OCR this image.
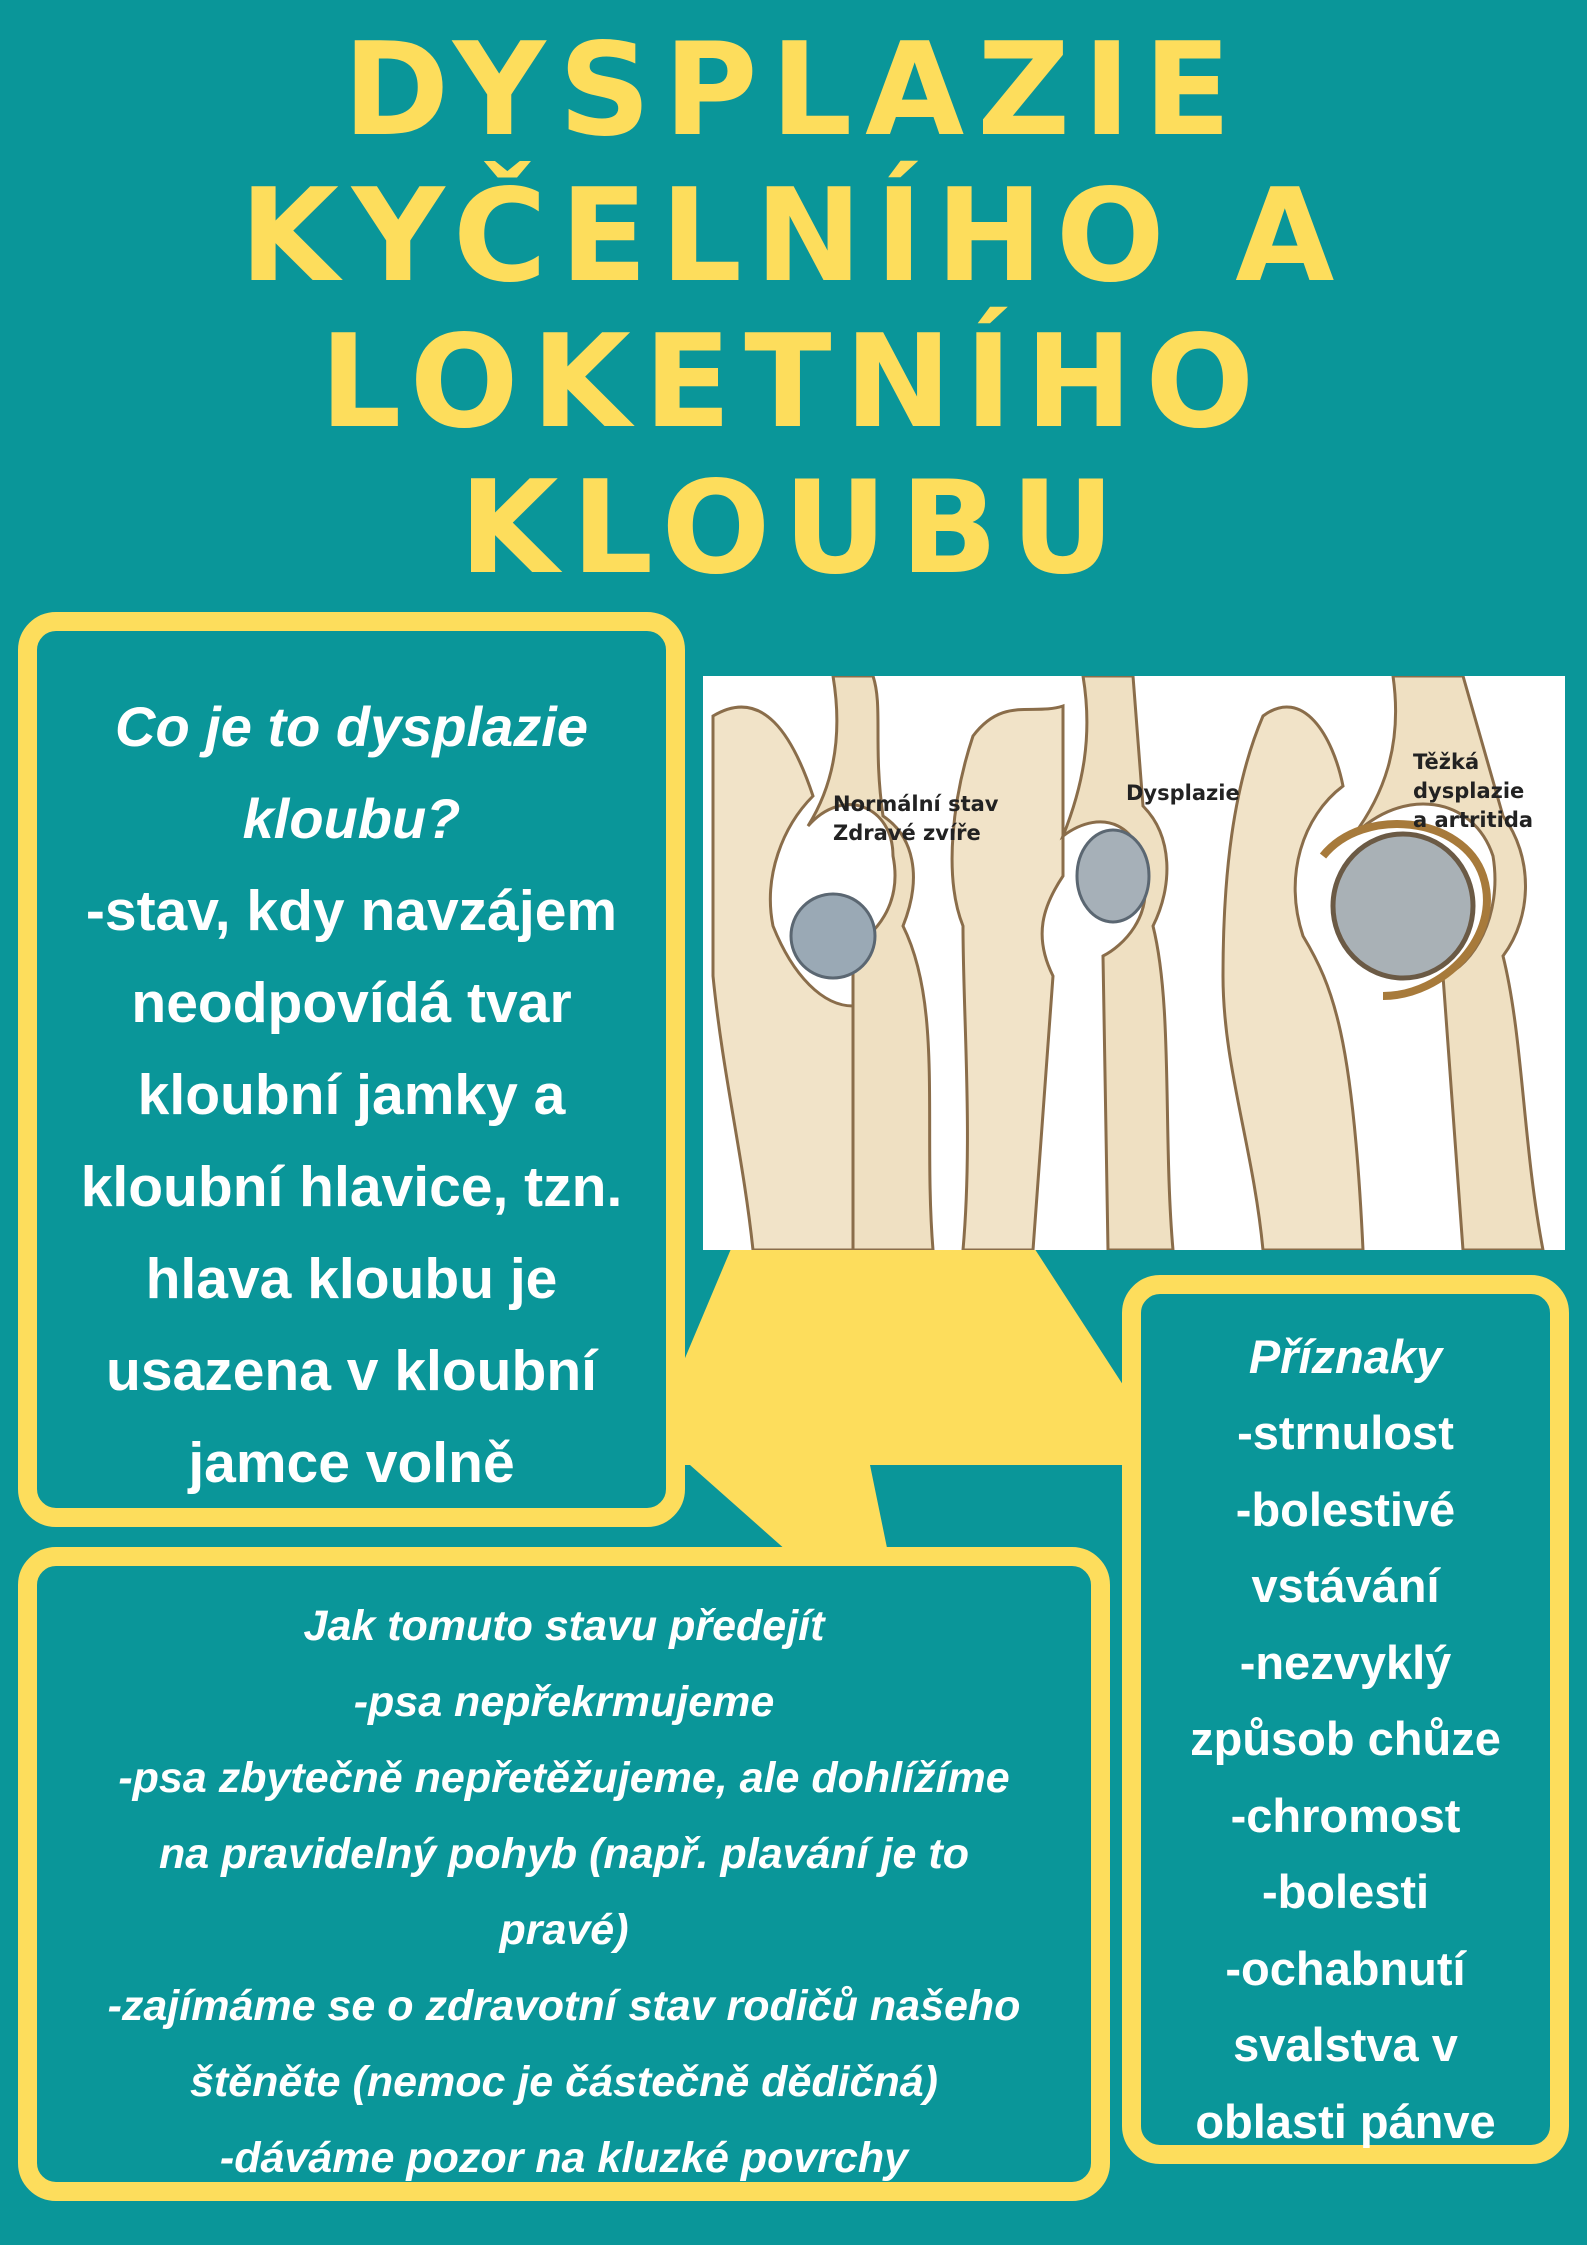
DYSPLAZIE
KYČELNÍHO A
LOKETNÍHO
KLOUBU
Co je to dysplazie
kloubu?
-stav, kdy navzájem
neodpovídá tvar
kloubní jamky a
kloubní hlavice, tzn.
hlava kloubu je
usazena v kloubní
jamce volně
Normální stav
Zdravé zvíře
Dysplazie
Těžká
dysplazie
a artritida
Příznaky
-strnulost
-bolestivé
vstávání
-nezvyklý
způsob chůze
-chromost
-bolesti
-ochabnutí
svalstva v
oblasti pánve
Jak tomuto stavu předejít
-psa nepřekrmujeme
-psa zbytečně nepřetěžujeme, ale dohlížíme
na pravidelný pohyb (např. plavání je to
pravé)
-zajímáme se o zdravotní stav rodičů našeho
štěněte (nemoc je částečně dědičná)
-dáváme pozor na kluzké povrchy
